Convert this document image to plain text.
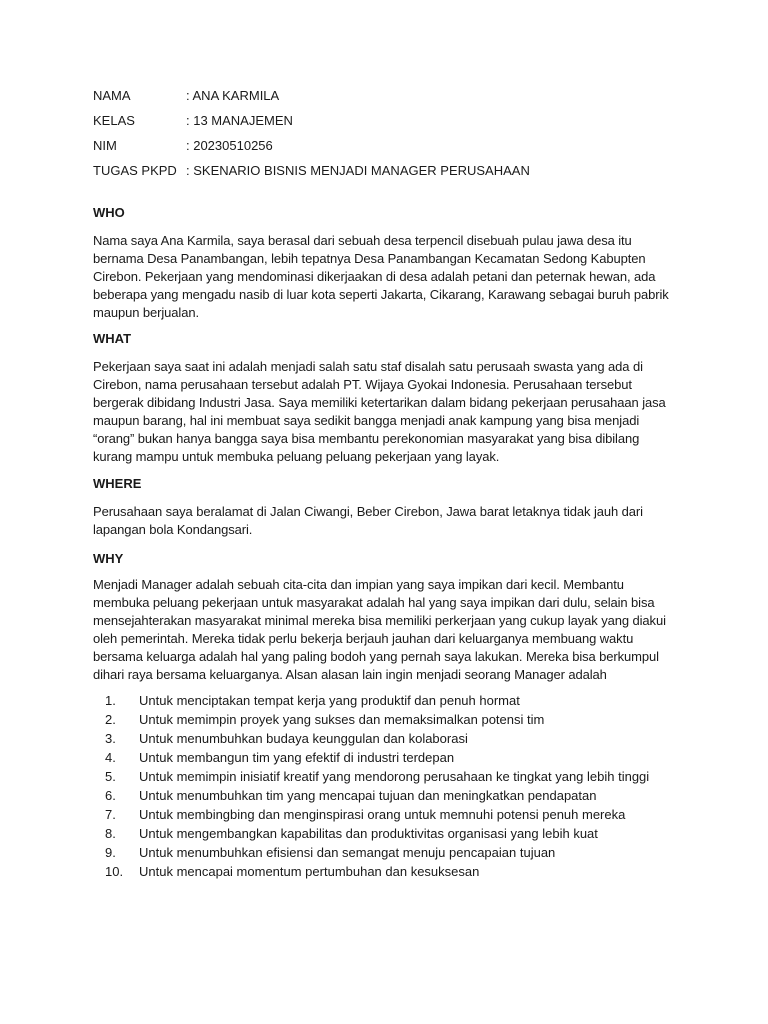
NAMA	: ANA KARMILA
KELAS	: 13 MANAJEMEN
NIM	: 20230510256
TUGAS PKPD : SKENARIO BISNIS MENJADI MANAGER PERUSAHAAN

WHO

Nama saya Ana Karmila, saya berasal dari sebuah desa terpencil disebuah pulau jawa desa itu
bernama Desa Panambangan, lebih tepatnya Desa Panambangan Kecamatan Sedong Kabupten
Cirebon. Pekerjaan yang mendominasi dikerjaakan di desa adalah petani dan peternak hewan, ada
beberapa yang mengadu nasib di luar kota seperti Jakarta, Cikarang, Karawang sebagai buruh pabrik
maupun berjualan.

WHAT

Pekerjaan saya saat ini adalah menjadi salah satu staf disalah satu perusaah swasta yang ada di
Cirebon, nama perusahaan tersebut adalah PT. Wijaya Gyokai Indonesia. Perusahaan tersebut
bergerak dibidang Industri Jasa. Saya memiliki ketertarikan dalam bidang pekerjaan perusahaan jasa
maupun barang, hal ini membuat saya sedikit bangga menjadi anak kampung yang bisa menjadi
“orang” bukan hanya bangga saya bisa membantu perekonomian masyarakat yang bisa dibilang
kurang mampu untuk membuka peluang peluang pekerjaan yang layak.

WHERE

Perusahaan saya beralamat di Jalan Ciwangi, Beber Cirebon, Jawa barat letaknya tidak jauh dari
lapangan bola Kondangsari.

WHY

Menjadi Manager adalah sebuah cita-cita dan impian yang saya impikan dari kecil. Membantu
membuka peluang pekerjaan untuk masyarakat adalah hal yang saya impikan dari dulu, selain bisa
mensejahterakan masyarakat minimal mereka bisa memiliki perkerjaan yang cukup layak yang diakui
oleh pemerintah. Mereka tidak perlu bekerja berjauh jauhan dari keluarganya membuang waktu
bersama keluarga adalah hal yang paling bodoh yang pernah saya lakukan. Mereka bisa berkumpul
dihari raya bersama keluarganya. Alsan alasan lain ingin menjadi seorang Manager adalah

1.	Untuk menciptakan tempat kerja yang produktif dan penuh hormat
2.	Untuk memimpin proyek yang sukses dan memaksimalkan potensi tim
3.	Untuk menumbuhkan budaya keunggulan dan kolaborasi
4.	Untuk membangun tim yang efektif di industri terdepan
5.	Untuk memimpin inisiatif kreatif yang mendorong perusahaan ke tingkat yang lebih tinggi
6.	Untuk menumbuhkan tim yang mencapai tujuan dan meningkatkan pendapatan
7.	Untuk membingbing dan menginspirasi orang untuk memnuhi potensi penuh mereka
8.	Untuk mengembangkan kapabilitas dan produktivitas organisasi yang lebih kuat
9.	Untuk menumbuhkan efisiensi dan semangat menuju pencapaian tujuan
10.	Untuk mencapai momentum pertumbuhan dan kesuksesan
